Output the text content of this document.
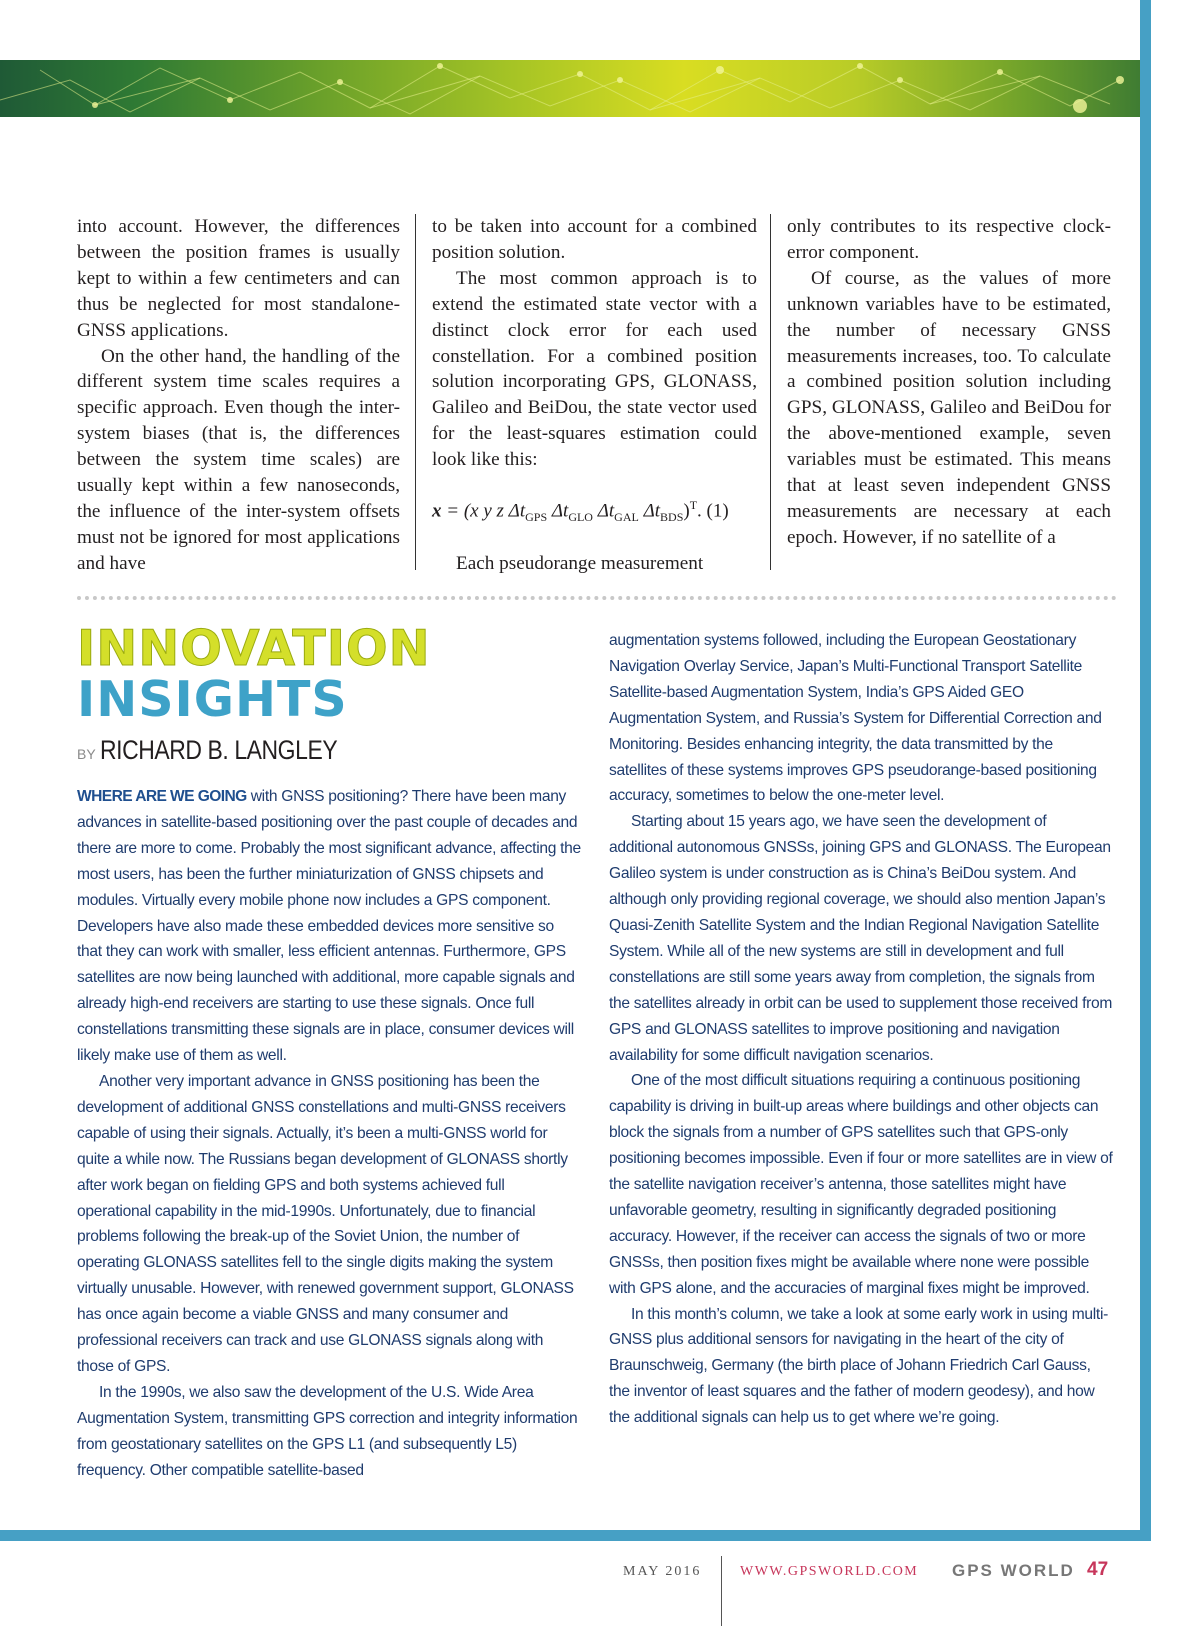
into account. However, the differences between the position frames is usually kept to within a few centimeters and can thus be neglected for most standalone-GNSS applications.

On the other hand, the handling of the different system time scales requires a specific approach. Even though the inter-system biases (that is, the differences between the system time scales) are usually kept within a few nanoseconds, the influence of the inter-system offsets must not be ignored for most applications and have

to be taken into account for a combined position solution.

The most common approach is to extend the estimated state vector with a distinct clock error for each used constellation. For a combined position solution incorporating GPS, GLONASS, Galileo and BeiDou, the state vector used for the least-squares estimation could look like this:

x = (x y z $\Delta t_{GPS}$ $\Delta t_{GLO}$ $\Delta t_{GAL}$ $\Delta t_{BDS})^T$. (1)

Each pseudorange measurement

only contributes to its respective clock-error component.

Of course, as the values of more unknown variables have to be estimated, the number of necessary GNSS measurements increases, too. To calculate a combined position solution including GPS, GLONASS, Galileo and BeiDou for the above-mentioned example, seven variables must be estimated. This means that at least seven independent GNSS measurements are necessary at each epoch. However, if no satellite of a

INNOVATION
INSIGHTS
BY RICHARD B. LANGLEY

WHERE ARE WE GOING with GNSS positioning? There have been many advances in satellite-based positioning over the past couple of decades and there are more to come. Probably the most significant advance, affecting the most users, has been the further miniaturization of GNSS chipsets and modules. Virtually every mobile phone now includes a GPS component. Developers have also made these embedded devices more sensitive so that they can work with smaller, less efficient antennas. Furthermore, GPS satellites are now being launched with additional, more capable signals and already high-end receivers are starting to use these signals. Once full constellations transmitting these signals are in place, consumer devices will likely make use of them as well.

Another very important advance in GNSS positioning has been the development of additional GNSS constellations and multi-GNSS receivers capable of using their signals. Actually, it’s been a multi-GNSS world for quite a while now. The Russians began development of GLONASS shortly after work began on fielding GPS and both systems achieved full operational capability in the mid-1990s. Unfortunately, due to financial problems following the break-up of the Soviet Union, the number of operating GLONASS satellites fell to the single digits making the system virtually unusable. However, with renewed government support, GLONASS has once again become a viable GNSS and many consumer and professional receivers can track and use GLONASS signals along with those of GPS.

In the 1990s, we also saw the development of the U.S. Wide Area Augmentation System, transmitting GPS correction and integrity information from geostationary satellites on the GPS L1 (and subsequently L5) frequency. Other compatible satellite-based

augmentation systems followed, including the European Geostationary Navigation Overlay Service, Japan’s Multi-Functional Transport Satellite Satellite-based Augmentation System, India’s GPS Aided GEO Augmentation System, and Russia’s System for Differential Correction and Monitoring. Besides enhancing integrity, the data transmitted by the satellites of these systems improves GPS pseudorange-based positioning accuracy, sometimes to below the one-meter level.

Starting about 15 years ago, we have seen the development of additional autonomous GNSSs, joining GPS and GLONASS. The European Galileo system is under construction as is China’s BeiDou system. And although only providing regional coverage, we should also mention Japan’s Quasi-Zenith Satellite System and the Indian Regional Navigation Satellite System. While all of the new systems are still in development and full constellations are still some years away from completion, the signals from the satellites already in orbit can be used to supplement those received from GPS and GLONASS satellites to improve positioning and navigation availability for some difficult navigation scenarios.

One of the most difficult situations requiring a continuous positioning capability is driving in built-up areas where buildings and other objects can block the signals from a number of GPS satellites such that GPS-only positioning becomes impossible. Even if four or more satellites are in view of the satellite navigation receiver’s antenna, those satellites might have unfavorable geometry, resulting in significantly degraded positioning accuracy. However, if the receiver can access the signals of two or more GNSSs, then position fixes might be available where none were possible with GPS alone, and the accuracies of marginal fixes might be improved.

In this month’s column, we take a look at some early work in using multi-GNSS plus additional sensors for navigating in the heart of the city of Braunschweig, Germany (the birth place of Johann Friedrich Carl Gauss, the inventor of least squares and the father of modern geodesy), and how the additional signals can help us to get where we’re going.

MAY 2016	WWW.GPSWORLD.COM GPS WORLD 47
